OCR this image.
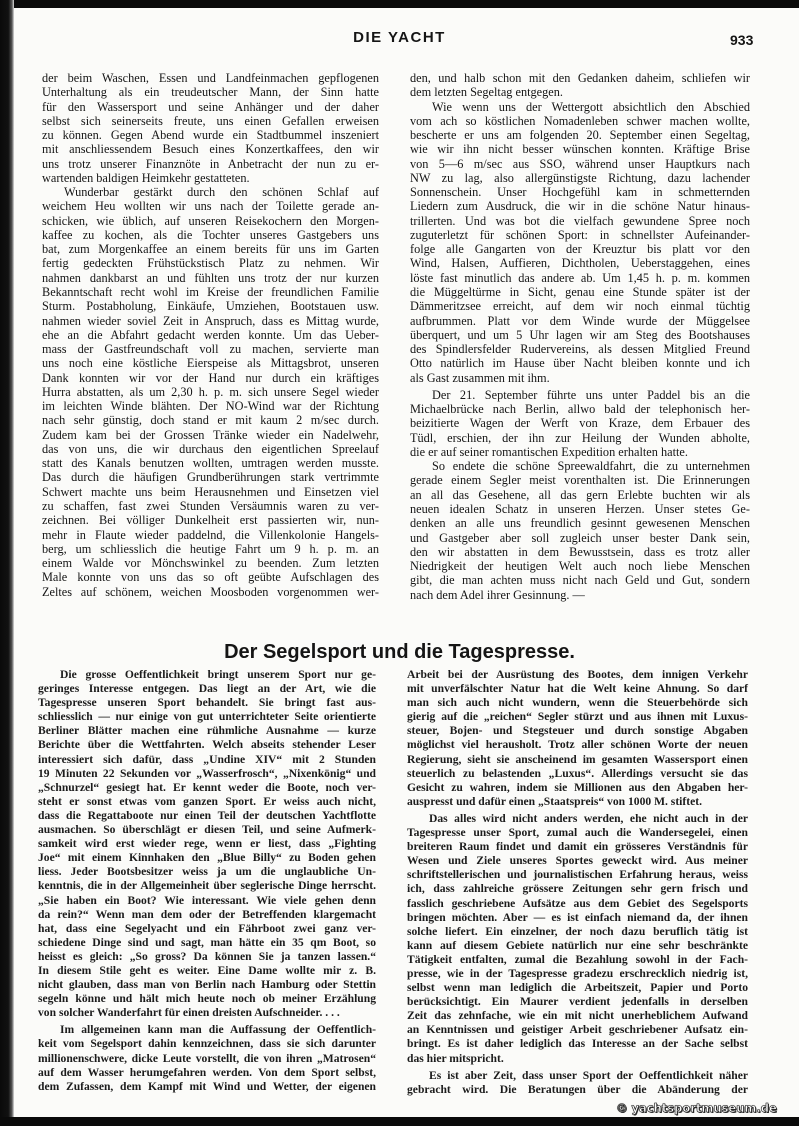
DIE YACHT	933
der beim Waschen, Essen und Landfeinmachen gepflogenen
Unterhaltung als ein treudeutscher Mann, der Sinn hatte
für den Wassersport und seine Anhänger und der daher
selbst sich seinerseits freute, uns einen Gefallen erweisen
zu können. Gegen Abend wurde ein Stadtbummel inszeniert
mit anschliessendem Besuch eines Konzertkaffees, den wir
uns trotz unserer Finanznöte in Anbetracht der nun zu er-
wartenden baldigen Heimkehr gestatteten.
Wunderbar gestärkt durch den schönen Schlaf auf
weichem Heu wollten wir uns nach der Toilette gerade an-
schicken, wie üblich, auf unseren Reisekochern den Morgen-
kaffee zu kochen, als die Tochter unseres Gastgebers uns
bat, zum Morgenkaffee an einem bereits für uns im Garten
fertig gedeckten Frühstückstisch Platz zu nehmen. Wir
nahmen dankbarst an und fühlten uns trotz der nur kurzen
Bekanntschaft recht wohl im Kreise der freundlichen Familie
Sturm. Postabholung, Einkäufe, Umziehen, Bootstauen usw.
nahmen wieder soviel Zeit in Anspruch, dass es Mittag wurde,
ehe an die Abfahrt gedacht werden konnte. Um das Ueber-
mass der Gastfreundschaft voll zu machen, servierte man
uns noch eine köstliche Eierspeise als Mittagsbrot, unseren
Dank konnten wir vor der Hand nur durch ein kräftiges
Hurra abstatten, als um 2,30 h. p. m. sich unsere Segel wieder
im leichten Winde blähten. Der NO-Wind war der Richtung
nach sehr günstig, doch stand er mit kaum 2 m/sec durch.
Zudem kam bei der Grossen Tränke wieder ein Nadelwehr,
das von uns, die wir durchaus den eigentlichen Spreelauf
statt des Kanals benutzen wollten, umtragen werden musste.
Das durch die häufigen Grundberührungen stark vertrimmte
Schwert machte uns beim Herausnehmen und Einsetzen viel
zu schaffen, fast zwei Stunden Versäumnis waren zu ver-
zeichnen. Bei völliger Dunkelheit erst passierten wir, nun-
mehr in Flaute wieder paddelnd, die Villenkolonie Hangels-
berg, um schliesslich die heutige Fahrt um 9 h. p. m. an
einem Walde vor Mönchswinkel zu beenden. Zum letzten
Male konnte von uns das so oft geübte Aufschlagen des
Zeltes auf schönem, weichen Moosboden vorgenommen wer-
den, und halb schon mit den Gedanken daheim, schliefen wir
dem letzten Segeltag entgegen.
Wie wenn uns der Wettergott absichtlich den Abschied
vom ach so köstlichen Nomadenleben schwer machen wollte,
bescherte er uns am folgenden 20. September einen Segeltag,
wie wir ihn nicht besser wünschen konnten. Kräftige Brise
von 5—6 m/sec aus SSO, während unser Hauptkurs nach
NW zu lag, also allergünstigste Richtung, dazu lachender
Sonnenschein. Unser Hochgefühl kam in schmetternden
Liedern zum Ausdruck, die wir in die schöne Natur hinaus-
trillerten. Und was bot die vielfach gewundene Spree noch
zuguterletzt für schönen Sport: in schnellster Aufeinander-
folge alle Gangarten von der Kreuztur bis platt vor den
Wind, Halsen, Auffieren, Dichtholen, Ueberstaggehen, eines
löste fast minutlich das andere ab. Um 1,45 h. p. m. kommen
die Müggeltürme in Sicht, genau eine Stunde später ist der
Dämmeritzsee erreicht, auf dem wir noch einmal tüchtig
aufbrummen. Platt vor dem Winde wurde der Müggelsee
überquert, und um 5 Uhr lagen wir am Steg des Bootshauses
des Spindlersfelder Rudervereins, als dessen Mitglied Freund
Otto natürlich im Hause über Nacht bleiben konnte und ich
als Gast zusammen mit ihm.
Der 21. September führte uns unter Paddel bis an die
Michaelbrücke nach Berlin, allwo bald der telephonisch her-
beizitierte Wagen der Werft von Kraze, dem Erbauer des
Tüdl, erschien, der ihn zur Heilung der Wunden abholte,
die er auf seiner romantischen Expedition erhalten hatte.
So endete die schöne Spreewaldfahrt, die zu unternehmen
gerade einem Segler meist vorenthalten ist. Die Erinnerungen
an all das Gesehene, all das gern Erlebte buchten wir als
neuen idealen Schatz in unseren Herzen. Unser stetes Ge-
denken an alle uns freundlich gesinnt gewesenen Menschen
und Gastgeber aber soll zugleich unser bester Dank sein,
den wir abstatten in dem Bewusstsein, dass es trotz aller
Niedrigkeit der heutigen Welt auch noch liebe Menschen
gibt, die man achten muss nicht nach Geld und Gut, sondern
nach dem Adel ihrer Gesinnung. —
Der Segelsport und die Tagespresse.
Die grosse Oeffentlichkeit bringt unserem Sport nur ge-
geringes Interesse entgegen. Das liegt an der Art, wie die
Tagespresse unseren Sport behandelt. Sie bringt fast aus-
schliesslich — nur einige von gut unterrichteter Seite orientierte
Berliner Blätter machen eine rühmliche Ausnahme — kurze
Berichte über die Wettfahrten. Welch abseits stehender Leser
interessiert sich dafür, dass „Undine XIV“ mit 2 Stunden
19 Minuten 22 Sekunden vor „Wasserfrosch“, „Nixenkönig“ und
„Schnurzel“ gesiegt hat. Er kennt weder die Boote, noch ver-
steht er sonst etwas vom ganzen Sport. Er weiss auch nicht,
dass die Regattaboote nur einen Teil der deutschen Yachtflotte
ausmachen. So überschlägt er diesen Teil, und seine Aufmerk-
samkeit wird erst wieder rege, wenn er liest, dass „Fighting
Joe“ mit einem Kinnhaken den „Blue Billy“ zu Boden gehen
liess. Jeder Bootsbesitzer weiss ja um die unglaubliche Un-
kenntnis, die in der Allgemeinheit über seglerische Dinge herrscht.
„Sie haben ein Boot? Wie interessant. Wie viele gehen denn
da rein?“ Wenn man dem oder der Betreffenden klargemacht
hat, dass eine Segelyacht und ein Fährboot zwei ganz ver-
schiedene Dinge sind und sagt, man hätte ein 35 qm Boot, so
heisst es gleich: „So gross? Da können Sie ja tanzen lassen.“
In diesem Stile geht es weiter. Eine Dame wollte mir z. B.
nicht glauben, dass man von Berlin nach Hamburg oder Stettin
segeln könne und hält mich heute noch ob meiner Erzählung
von solcher Wanderfahrt für einen dreisten Aufschneider. . . .
Im allgemeinen kann man die Auffassung der Oeffentlich-
keit vom Segelsport dahin kennzeichnen, dass sie sich darunter
millionenschwere, dicke Leute vorstellt, die von ihren „Matrosen“
auf dem Wasser herumgefahren werden. Von dem Sport selbst,
dem Zufassen, dem Kampf mit Wind und Wetter, der eigenen
Arbeit bei der Ausrüstung des Bootes, dem innigen Verkehr
mit unverfälschter Natur hat die Welt keine Ahnung. So darf
man sich auch nicht wundern, wenn die Steuerbehörde sich
gierig auf die „reichen“ Segler stürzt und aus ihnen mit Luxus-
steuer, Bojen- und Stegsteuer und durch sonstige Abgaben
möglichst viel herausholt. Trotz aller schönen Worte der neuen
Regierung, sieht sie anscheinend im gesamten Wassersport einen
steuerlich zu belastenden „Luxus“. Allerdings versucht sie das
Gesicht zu wahren, indem sie Millionen aus den Abgaben her-
auspresst und dafür einen „Staatspreis“ von 1000 M. stiftet.
Das alles wird nicht anders werden, ehe nicht auch in der
Tagespresse unser Sport, zumal auch die Wandersegelei, einen
breiteren Raum findet und damit ein grösseres Verständnis für
Wesen und Ziele unseres Sportes geweckt wird. Aus meiner
schriftstellerischen und journalistischen Erfahrung heraus, weiss
ich, dass zahlreiche grössere Zeitungen sehr gern frisch und
fasslich geschriebene Aufsätze aus dem Gebiet des Segelsports
bringen möchten. Aber — es ist einfach niemand da, der ihnen
solche liefert. Ein einzelner, der noch dazu beruflich tätig ist
kann auf diesem Gebiete natürlich nur eine sehr beschränkte
Tätigkeit entfalten, zumal die Bezahlung sowohl in der Fach-
presse, wie in der Tagespresse gradezu erschrecklich niedrig ist,
selbst wenn man lediglich die Arbeitszeit, Papier und Porto
berücksichtigt. Ein Maurer verdient jedenfalls in derselben
Zeit das zehnfache, wie ein mit nicht unerheblichem Aufwand
an Kenntnissen und geistiger Arbeit geschriebener Aufsatz ein-
bringt. Es ist daher lediglich das Interesse an der Sache selbst
das hier mitspricht.
Es ist aber Zeit, dass unser Sport der Oeffentlichkeit näher
gebracht wird. Die Beratungen über die Abänderung der
© yachtsportmuseum.de
